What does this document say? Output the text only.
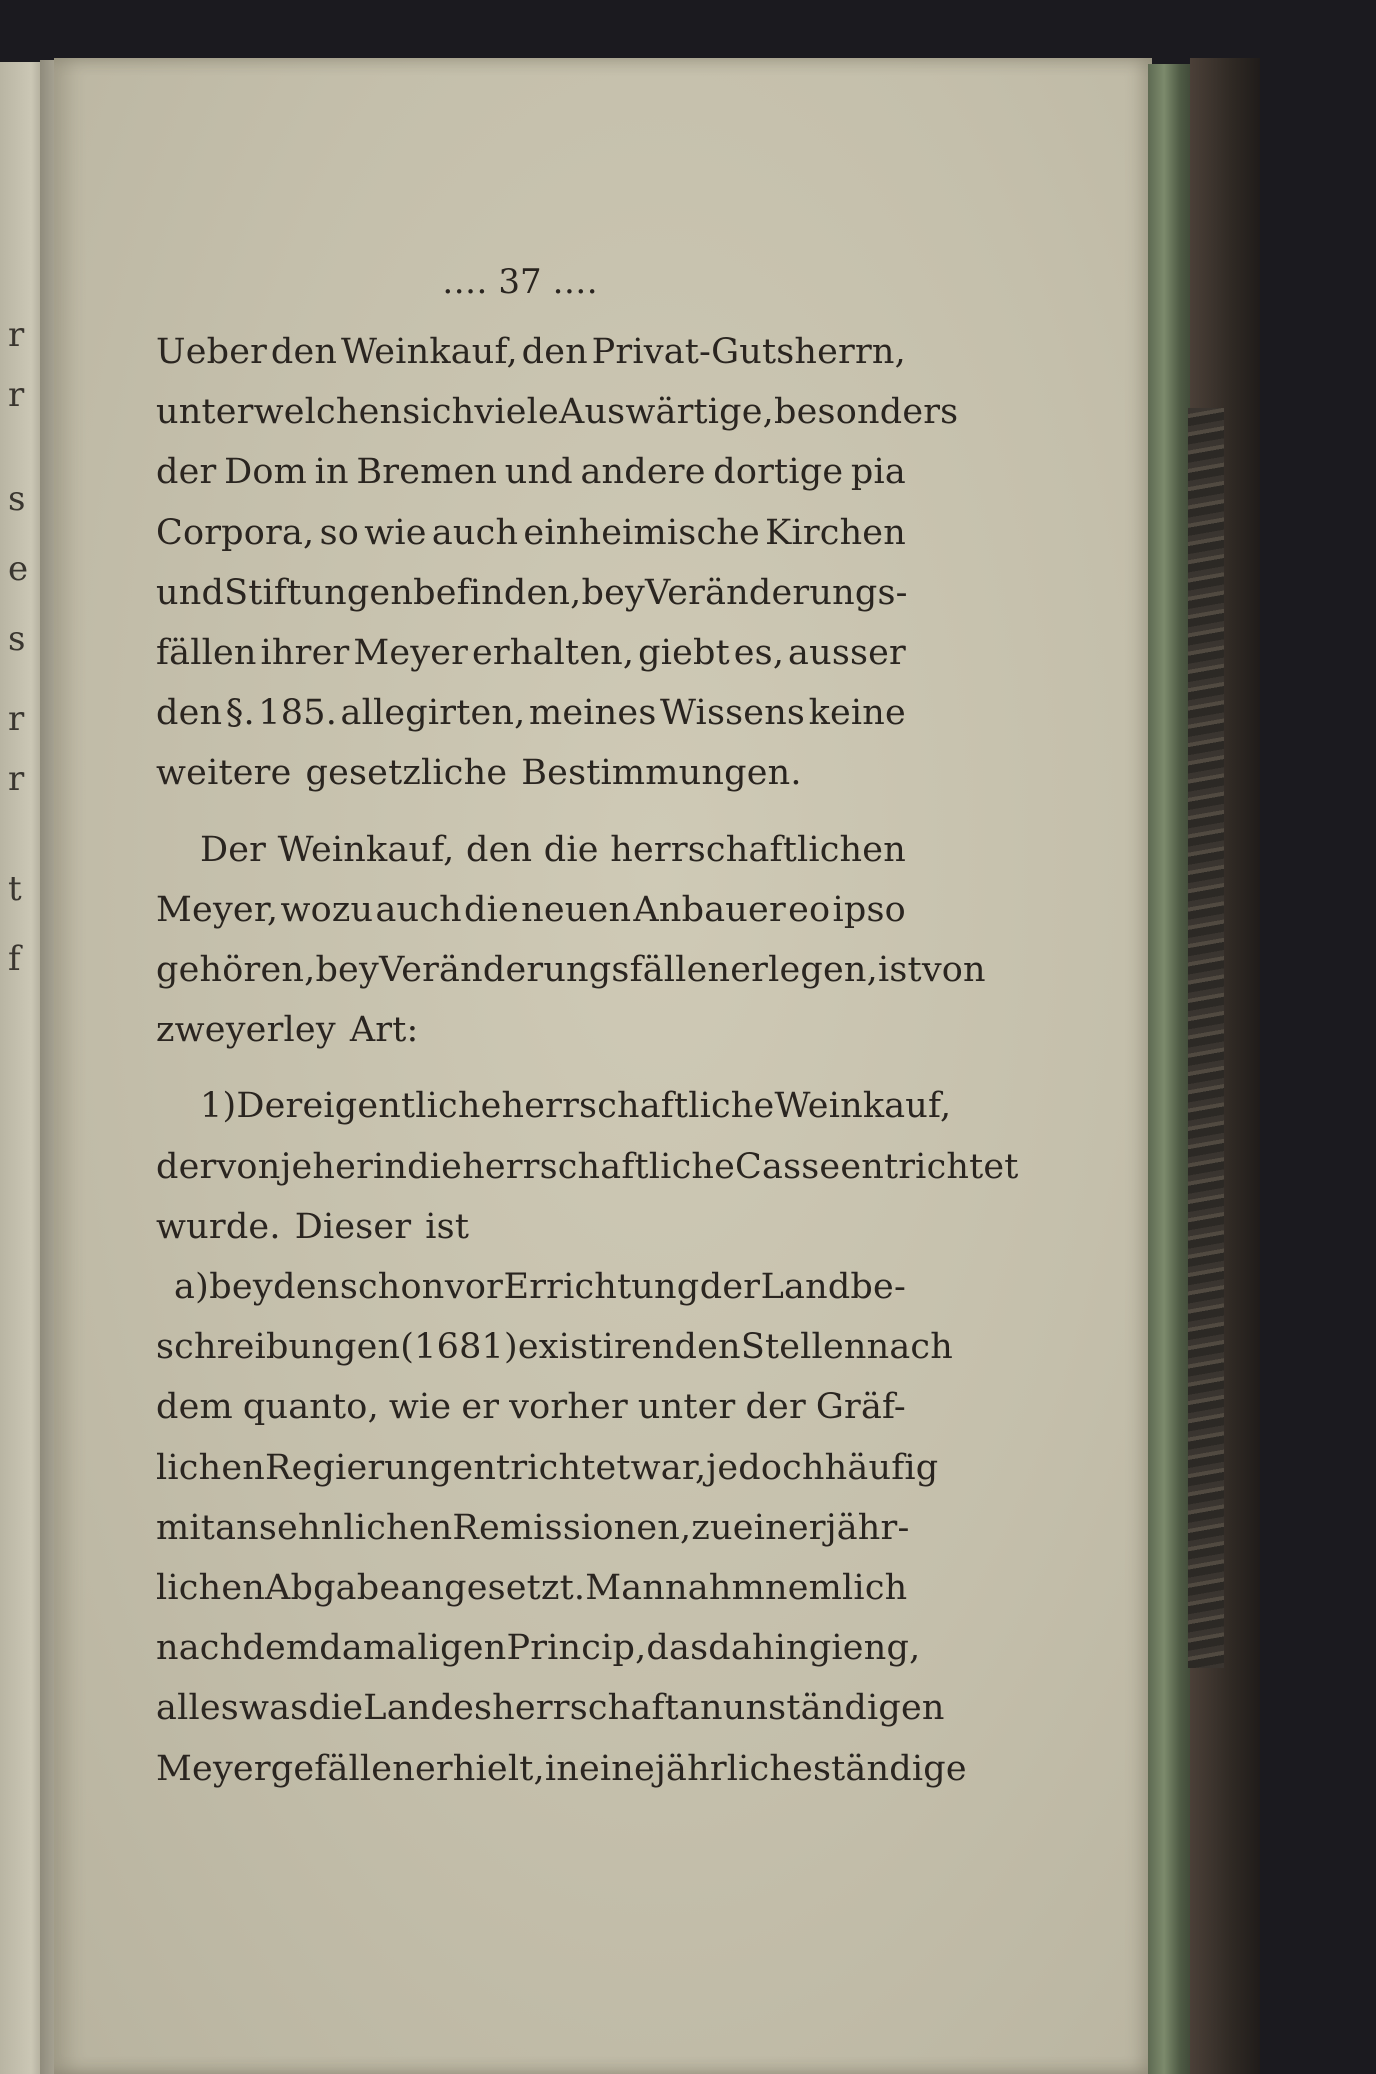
r
r
s
e
s
r
r
t
f
․․․․ 37 ․․․․
Ueber den Weinkauf, den Privat-Gutsherrn,
unter welchen sich viele Auswärtige, besonders
der Dom in Bremen und andere dortige pia
Corpora, so wie auch einheimische Kirchen
und Stiftungen befinden, bey Veränderungs-
fällen ihrer Meyer erhalten, giebt es, ausser
den §. 185. allegirten, meines Wissens keine
weitere gesetzliche Bestimmungen.
Der Weinkauf, den die herrschaftlichen
Meyer, wozu auch die neuen Anbauer eo ipso
gehören, bey Veränderungsfällen erlegen, ist von
zweyerley Art:
1) Der eigentliche herrschaftliche Weinkauf,
der von jeher in die herrschaftliche Casse entrichtet
wurde. Dieser ist
a) bey den schon vor Errichtung der Landbe-
schreibungen (1681) existirenden Stellen nach
dem quanto, wie er vorher unter der Gräf-
lichen Regierung entrichtet war, jedoch häufig
mit ansehnlichen Remissionen, zu einer jähr-
lichen Abgabe angesetzt. Man nahm nemlich
nach dem damaligen Princip, das dahin gieng,
alles was die Landesherrschaft an unständigen
Meyergefällen erhielt, in eine jährliche ständige
